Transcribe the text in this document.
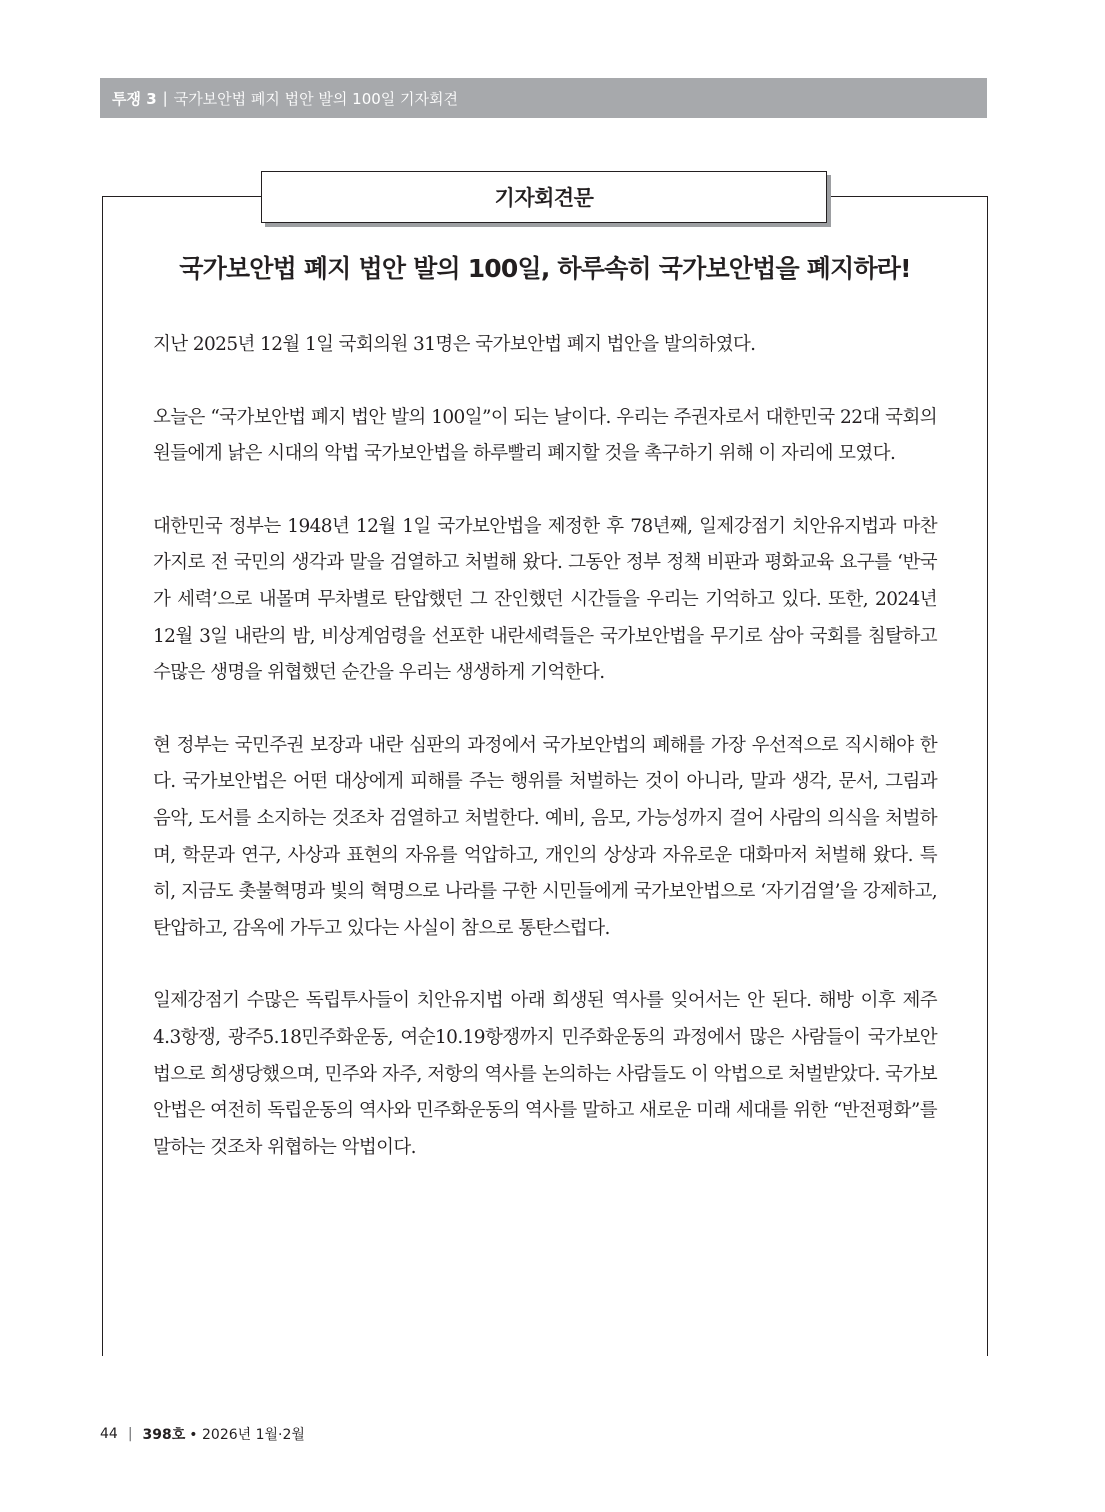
투쟁 3 | 국가보안법 폐지 법안 발의 100일 기자회견
기자회견문
국가보안법 폐지 법안 발의 100일, 하루속히 국가보안법을 폐지하라!

지난 2025년 12월 1일 국회의원 31명은 국가보안법 폐지 법안을 발의하였다.

오늘은 “국가보안법 폐지 법안 발의 100일”이 되는 날이다. 우리는 주권자로서 대한민국 22대 국회의원들에게 낡은 시대의 악법 국가보안법을 하루빨리 폐지할 것을 촉구하기 위해 이 자리에 모였다.

대한민국 정부는 1948년 12월 1일 국가보안법을 제정한 후 78년째, 일제강점기 치안유지법과 마찬가지로 전 국민의 생각과 말을 검열하고 처벌해 왔다. 그동안 정부 정책 비판과 평화교육 요구를 ‘반국가 세력’으로 내몰며 무차별로 탄압했던 그 잔인했던 시간들을 우리는 기억하고 있다. 또한, 2024년 12월 3일 내란의 밤, 비상계엄령을 선포한 내란세력들은 국가보안법을 무기로 삼아 국회를 침탈하고 수많은 생명을 위협했던 순간을 우리는 생생하게 기억한다.

현 정부는 국민주권 보장과 내란 심판의 과정에서 국가보안법의 폐해를 가장 우선적으로 직시해야 한다. 국가보안법은 어떤 대상에게 피해를 주는 행위를 처벌하는 것이 아니라, 말과 생각, 문서, 그림과 음악, 도서를 소지하는 것조차 검열하고 처벌한다. 예비, 음모, 가능성까지 걸어 사람의 의식을 처벌하며, 학문과 연구, 사상과 표현의 자유를 억압하고, 개인의 상상과 자유로운 대화마저 처벌해 왔다. 특히, 지금도 촛불혁명과 빛의 혁명으로 나라를 구한 시민들에게 국가보안법으로 ‘자기검열’을 강제하고, 탄압하고, 감옥에 가두고 있다는 사실이 참으로 통탄스럽다.

일제강점기 수많은 독립투사들이 치안유지법 아래 희생된 역사를 잊어서는 안 된다. 해방 이후 제주4.3항쟁, 광주5.18민주화운동, 여순10.19항쟁까지 민주화운동의 과정에서 많은 사람들이 국가보안법으로 희생당했으며, 민주와 자주, 저항의 역사를 논의하는 사람들도 이 악법으로 처벌받았다. 국가보안법은 여전히 독립운동의 역사와 민주화운동의 역사를 말하고 새로운 미래 세대를 위한 “반전평화”를 말하는 것조차 위협하는 악법이다.

44 | 398호 • 2026년 1월·2월
